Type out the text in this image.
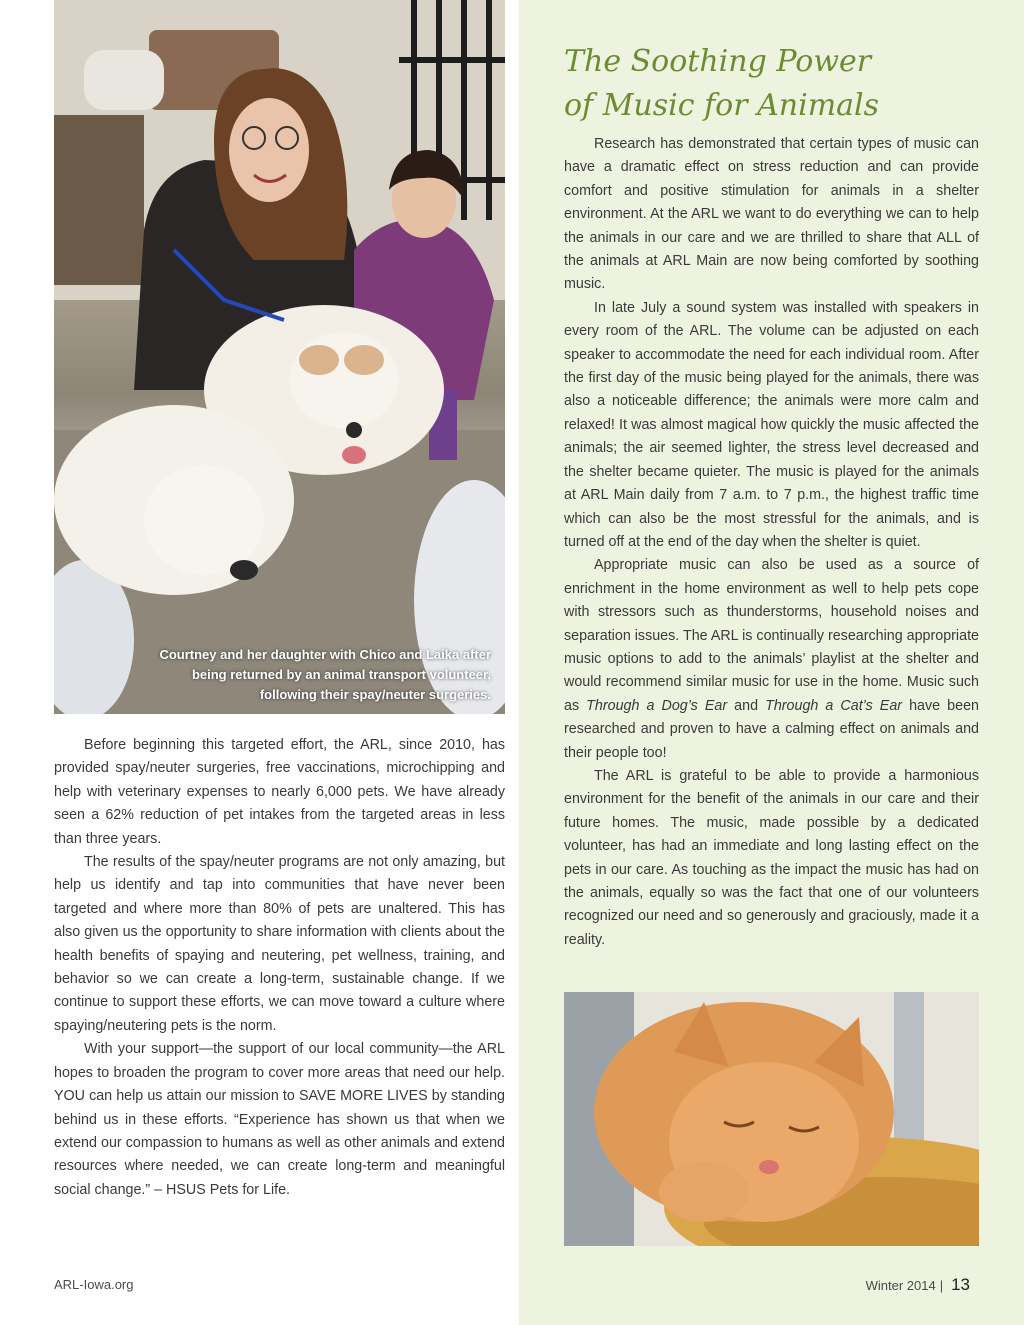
Courtney and her daughter with Chico and Laika after
being returned by an animal transport volunteer,
following their spay/neuter surgeries.

Before beginning this targeted effort, the ARL, since 2010, has provided spay/neuter surgeries, free vaccinations, microchipping and help with veterinary expenses to nearly 6,000 pets. We have already seen a 62% reduction of pet intakes from the targeted areas in less than three years.

The results of the spay/neuter programs are not only amazing, but help us identify and tap into communities that have never been targeted and where more than 80% of pets are unaltered. This has also given us the opportunity to share information with clients about the health benefits of spaying and neutering, pet wellness, training, and behavior so we can create a long-term, sustainable change. If we continue to support these efforts, we can move toward a culture where spaying/neutering pets is the norm.

With your support—the support of our local community—the ARL hopes to broaden the program to cover more areas that need our help. YOU can help us attain our mission to SAVE MORE LIVES by standing behind us in these efforts. “Experience has shown us that when we extend our compassion to humans as well as other animals and extend resources where needed, we can create long-term and meaningful social change.” – HSUS Pets for Life.

The Soothing Power
of Music for Animals

Research has demonstrated that certain types of music can have a dramatic effect on stress reduction and can provide comfort and positive stimulation for animals in a shelter environment. At the ARL we want to do everything we can to help the animals in our care and we are thrilled to share that ALL of the animals at ARL Main are now being comforted by soothing music.

In late July a sound system was installed with speakers in every room of the ARL. The volume can be adjusted on each speaker to accommodate the need for each individual room. After the first day of the music being played for the animals, there was also a noticeable difference; the animals were more calm and relaxed! It was almost magical how quickly the music affected the animals; the air seemed lighter, the stress level decreased and the shelter became quieter. The music is played for the animals at ARL Main daily from 7 a.m. to 7 p.m., the highest traffic time which can also be the most stressful for the animals, and is turned off at the end of the day when the shelter is quiet.

Appropriate music can also be used as a source of enrichment in the home environment as well to help pets cope with stressors such as thunderstorms, household noises and separation issues. The ARL is continually researching appropriate music options to add to the animals’ playlist at the shelter and would recommend similar music for use in the home. Music such as Through a Dog’s Ear and Through a Cat’s Ear have been researched and proven to have a calming effect on animals and their people too!

The ARL is grateful to be able to provide a harmonious environment for the benefit of the animals in our care and their future homes. The music, made possible by a dedicated volunteer, has had an immediate and long lasting effect on the pets in our care. As touching as the impact the music has had on the animals, equally so was the fact that one of our volunteers recognized our need and so generously and graciously, made it a reality.

ARL-Iowa.org	Winter 2014 | 13
